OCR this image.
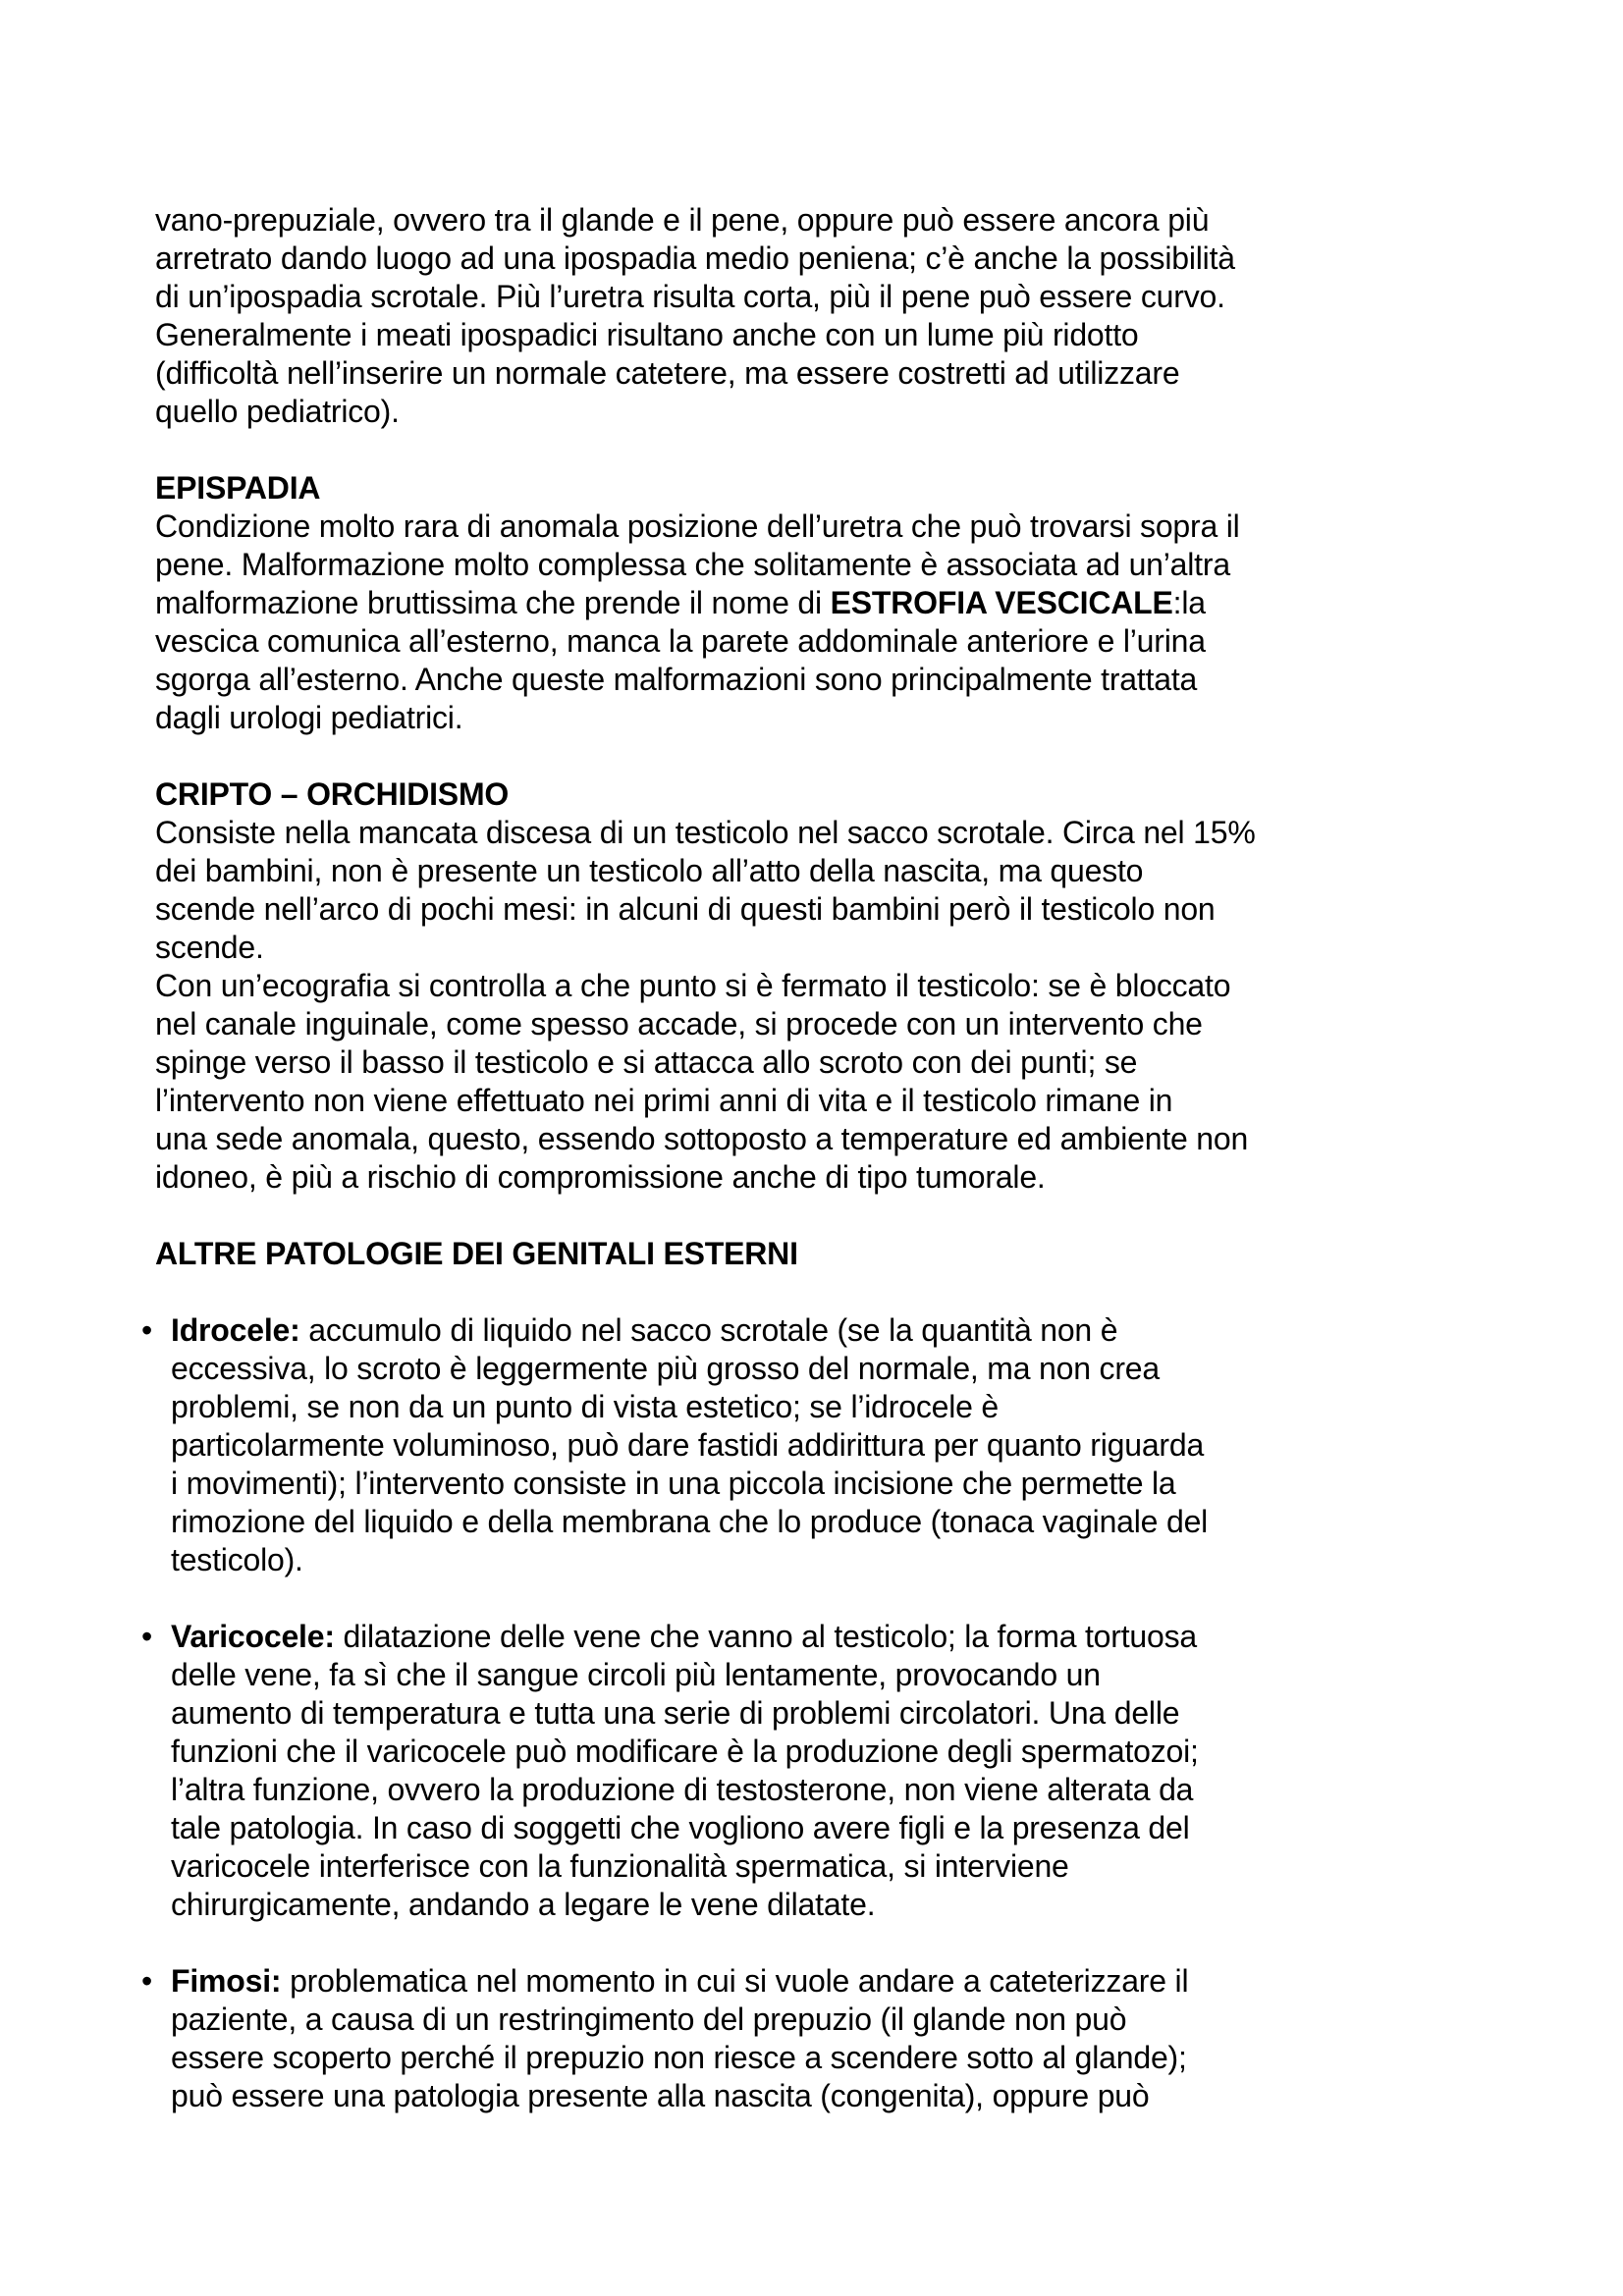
vano-prepuziale, ovvero tra il glande e il pene, oppure può essere ancora più
arretrato dando luogo ad una ipospadia medio peniena; c’è anche la possibilità
di un’ipospadia scrotale. Più l’uretra risulta corta, più il pene può essere curvo.
Generalmente i meati ipospadici risultano anche con un lume più ridotto
(difficoltà nell’inserire un normale catetere, ma essere costretti ad utilizzare
quello pediatrico).
EPISPADIA
Condizione molto rara di anomala posizione dell’uretra che può trovarsi sopra il
pene. Malformazione molto complessa che solitamente è associata ad un’altra
malformazione bruttissima che prende il nome di ESTROFIA VESCICALE:la
vescica comunica all’esterno, manca la parete addominale anteriore e l’urina
sgorga all’esterno. Anche queste malformazioni sono principalmente trattata
dagli urologi pediatrici.
CRIPTO – ORCHIDISMO
Consiste nella mancata discesa di un testicolo nel sacco scrotale. Circa nel 15%
dei bambini, non è presente un testicolo all’atto della nascita, ma questo
scende nell’arco di pochi mesi: in alcuni di questi bambini però il testicolo non
scende.
Con un’ecografia si controlla a che punto si è fermato il testicolo: se è bloccato
nel canale inguinale, come spesso accade, si procede con un intervento che
spinge verso il basso il testicolo e si attacca allo scroto con dei punti; se
l’intervento non viene effettuato nei primi anni di vita e il testicolo rimane in
una sede anomala, questo, essendo sottoposto a temperature ed ambiente non
idoneo, è più a rischio di compromissione anche di tipo tumorale.
ALTRE PATOLOGIE DEI GENITALI ESTERNI
• Idrocele: accumulo di liquido nel sacco scrotale (se la quantità non è
eccessiva, lo scroto è leggermente più grosso del normale, ma non crea
problemi, se non da un punto di vista estetico; se l’idrocele è
particolarmente voluminoso, può dare fastidi addirittura per quanto riguarda
i movimenti); l’intervento consiste in una piccola incisione che permette la
rimozione del liquido e della membrana che lo produce (tonaca vaginale del
testicolo).
• Varicocele: dilatazione delle vene che vanno al testicolo; la forma tortuosa
delle vene, fa sì che il sangue circoli più lentamente, provocando un
aumento di temperatura e tutta una serie di problemi circolatori. Una delle
funzioni che il varicocele può modificare è la produzione degli spermatozoi;
l’altra funzione, ovvero la produzione di testosterone, non viene alterata da
tale patologia. In caso di soggetti che vogliono avere figli e la presenza del
varicocele interferisce con la funzionalità spermatica, si interviene
chirurgicamente, andando a legare le vene dilatate.
• Fimosi: problematica nel momento in cui si vuole andare a cateterizzare il
paziente, a causa di un restringimento del prepuzio (il glande non può
essere scoperto perché il prepuzio non riesce a scendere sotto al glande);
può essere una patologia presente alla nascita (congenita), oppure può
